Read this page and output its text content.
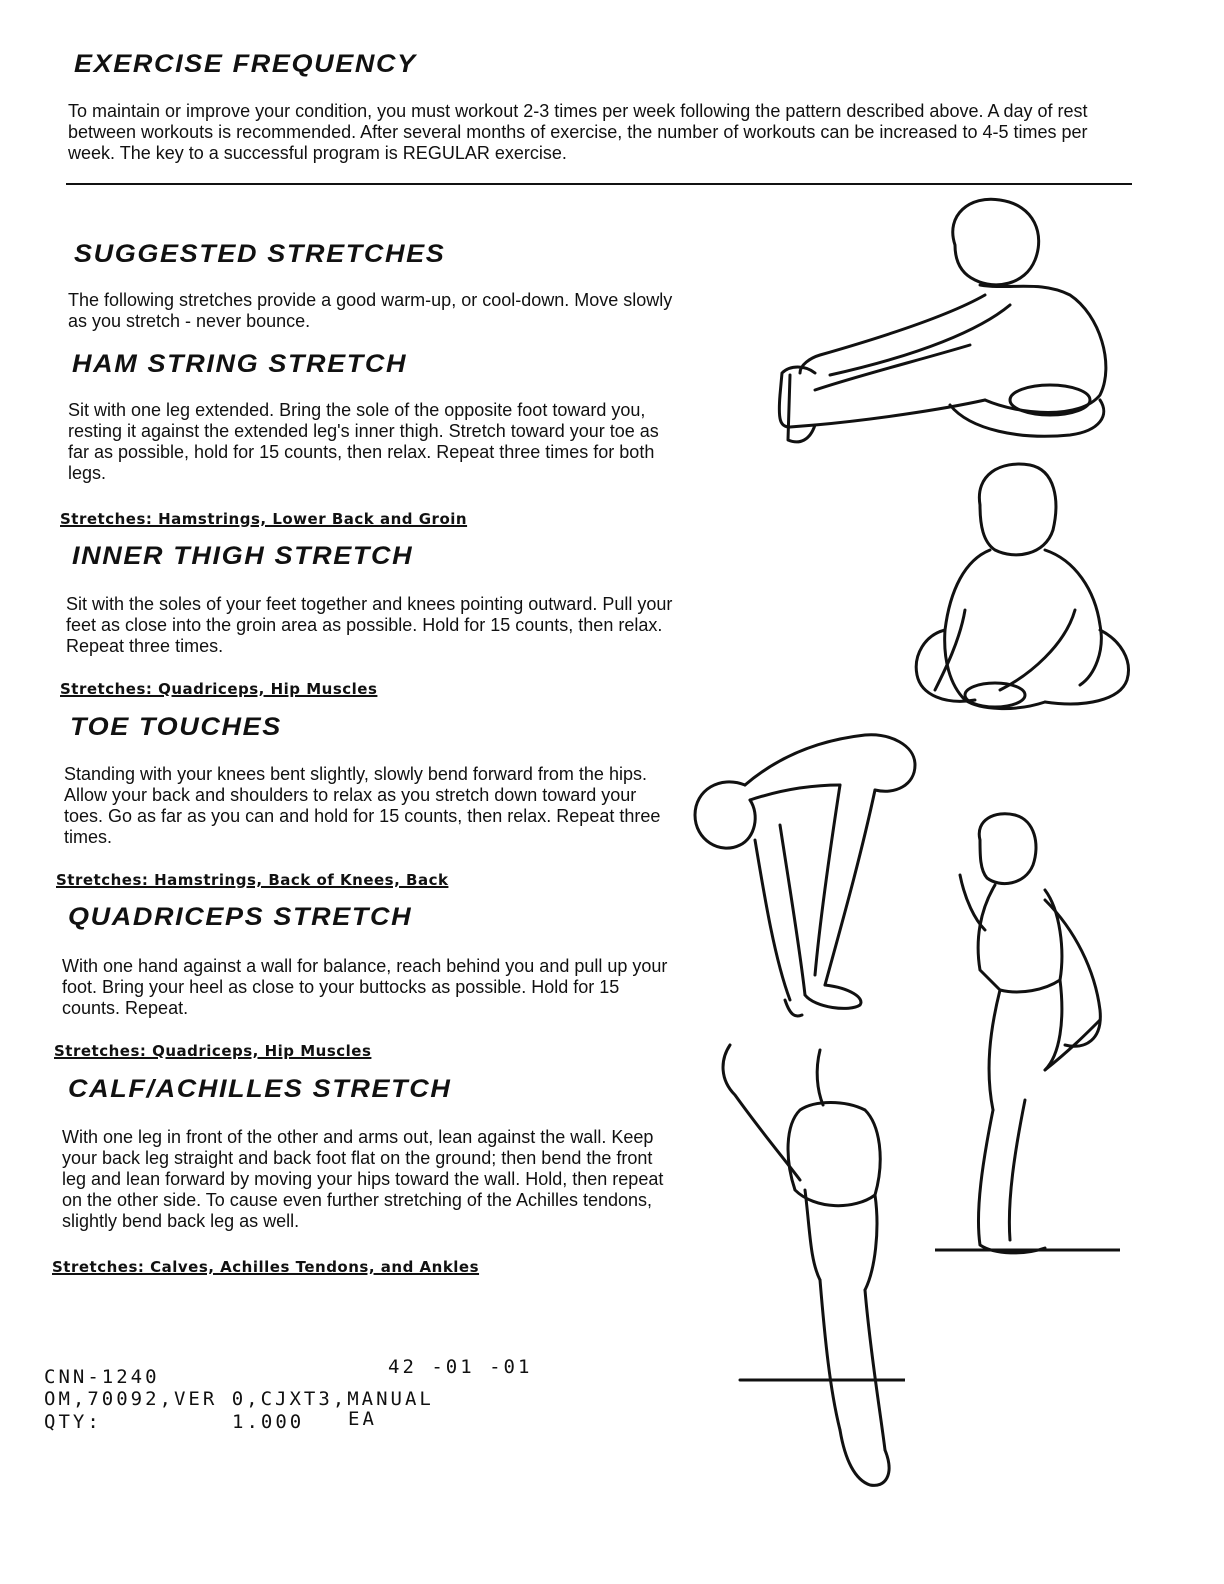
EXERCISE FREQUENCY
To maintain or improve your condition, you must workout 2-3 times per week following the pattern described above. A day of rest between workouts is recommended. After several months of exercise, the number of workouts can be increased to 4-5 times per week. The key to a successful program is REGULAR exercise.
SUGGESTED STRETCHES
The following stretches provide a good warm-up, or cool-down. Move slowly as you stretch - never bounce.
HAM STRING STRETCH
Sit with one leg extended. Bring the sole of the opposite foot toward you, resting it against the extended leg's inner thigh. Stretch toward your toe as far as possible, hold for 15 counts, then relax. Repeat three times for both legs.
Stretches: Hamstrings, Lower Back and Groin
INNER THIGH STRETCH
Sit with the soles of your feet together and knees pointing outward. Pull your feet as close into the groin area as possible. Hold for 15 counts, then relax. Repeat three times.
Stretches: Quadriceps, Hip Muscles
TOE TOUCHES
Standing with your knees bent slightly, slowly bend forward from the hips. Allow your back and shoulders to relax as you stretch down toward your toes. Go as far as you can and hold for 15 counts, then relax. Repeat three times.
Stretches: Hamstrings, Back of Knees, Back
QUADRICEPS STRETCH
With one hand against a wall for balance, reach behind you and pull up your foot. Bring your heel as close to your buttocks as possible. Hold for 15 counts. Repeat.
Stretches: Quadriceps, Hip Muscles
CALF/ACHILLES STRETCH
With one leg in front of the other and arms out, lean against the wall. Keep your back leg straight and back foot flat on the ground; then bend the front leg and lean forward by moving your hips toward the wall. Hold, then repeat on the other side. To cause even further stretching of the Achilles tendons, slightly bend back leg as well.
Stretches: Calves, Achilles Tendons, and Ankles
CNN-1240	42 -01 -01
OM,70092,VER 0,CJXT3,MANUAL
QTY:	1.000 EA
